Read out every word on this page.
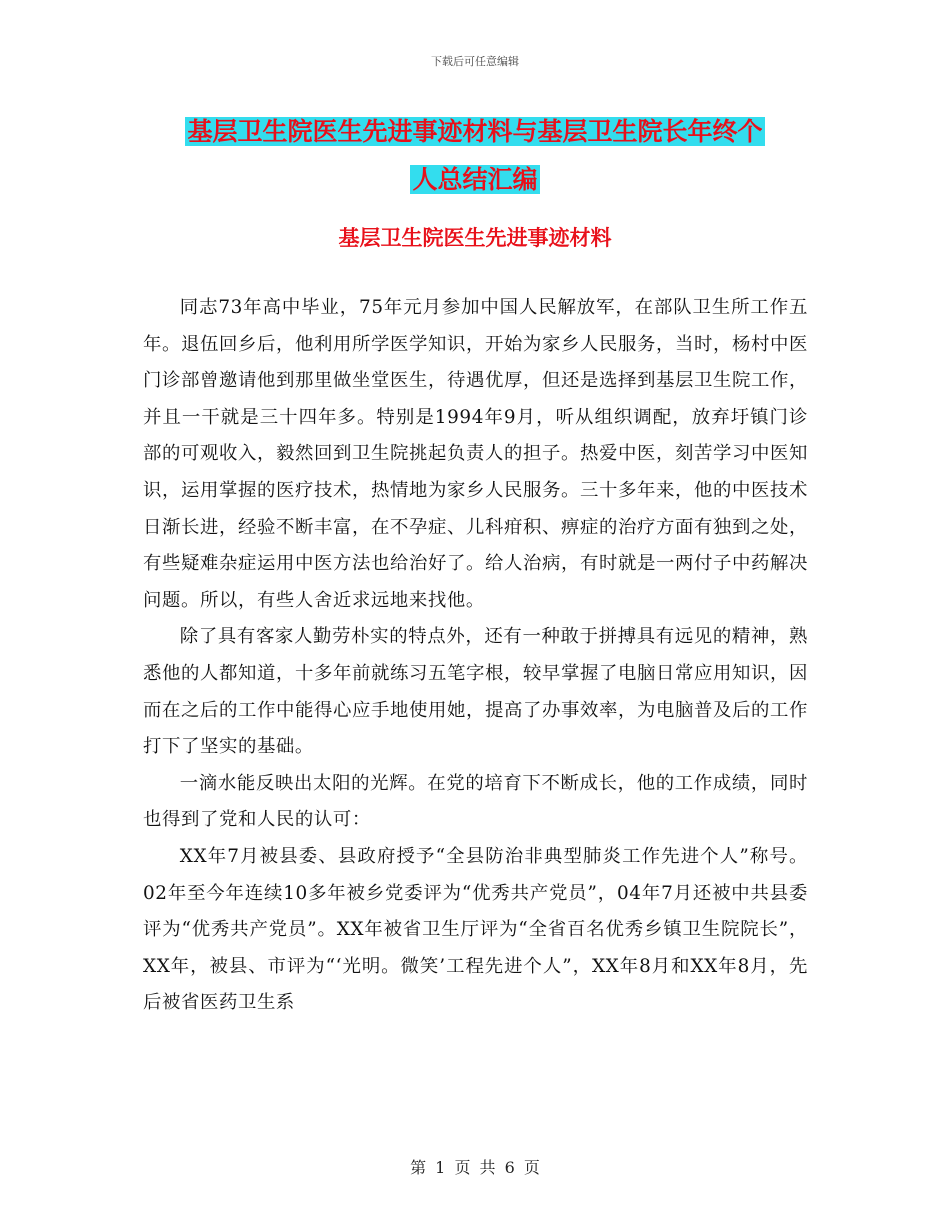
下载后可任意编辑
基层卫生院医生先进事迹材料与基层卫生院长年终个
人总结汇编
基层卫生院医生先进事迹材料

同志73年高中毕业，75年元月参加中国人民解放军，在部队卫生所工作五年。退伍回乡后，他利用所学医学知识，开始为家乡人民服务，当时，杨村中医门诊部曾邀请他到那里做坐堂医生，待遇优厚，但还是选择到基层卫生院工作，并且一干就是三十四年多。特别是1994年9月，听从组织调配，放弃圩镇门诊部的可观收入，毅然回到卫生院挑起负责人的担子。热爱中医，刻苦学习中医知识，运用掌握的医疗技术，热情地为家乡人民服务。三十多年来，他的中医技术日渐长进，经验不断丰富，在不孕症、儿科疳积、痹症的治疗方面有独到之处，有些疑难杂症运用中医方法也给治好了。给人治病，有时就是一两付子中药解决问题。所以，有些人舍近求远地来找他。

除了具有客家人勤劳朴实的特点外，还有一种敢于拼搏具有远见的精神，熟悉他的人都知道，十多年前就练习五笔字根，较早掌握了电脑日常应用知识，因而在之后的工作中能得心应手地使用她，提高了办事效率，为电脑普及后的工作打下了坚实的基础。

一滴水能反映出太阳的光辉。在党的培育下不断成长，他的工作成绩，同时也得到了党和人民的认可：

XX年7月被县委、县政府授予“全县防治非典型肺炎工作先进个人”称号。02年至今年连续10多年被乡党委评为“优秀共产党员”，04年7月还被中共县委评为“优秀共产党员”。XX年被省卫生厅评为“全省百名优秀乡镇卫生院院长”，XX年，被县、市评为“‘光明。微笑’工程先进个人”，XX年8月和XX年8月，先后被省医药卫生系

第 1 页 共 6 页
